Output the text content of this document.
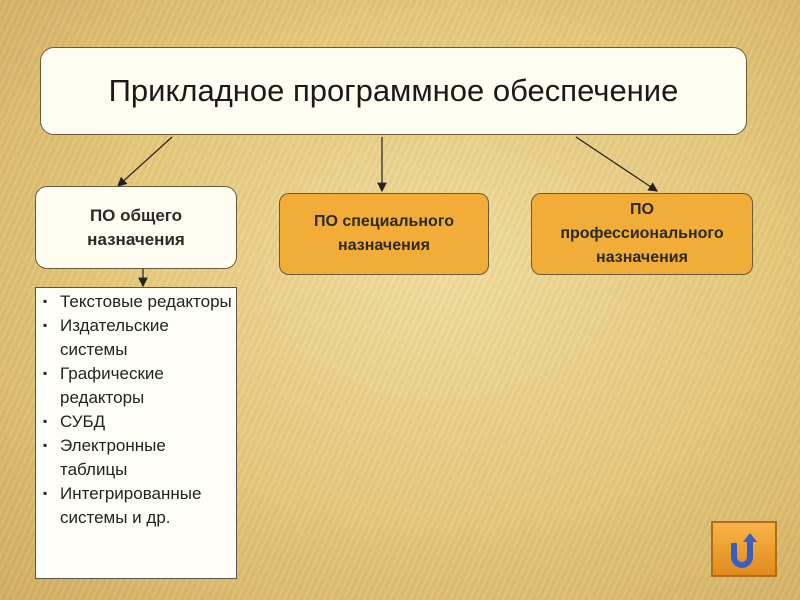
Прикладное программное обеспечение
ПО общего
назначения
ПО специального
назначения
ПО
профессионального
назначения
▪ Текстовые редакторы
▪ Издательские системы
▪ Графические редакторы
▪ СУБД
▪ Электронные таблицы
▪ Интегрированные системы и др.
